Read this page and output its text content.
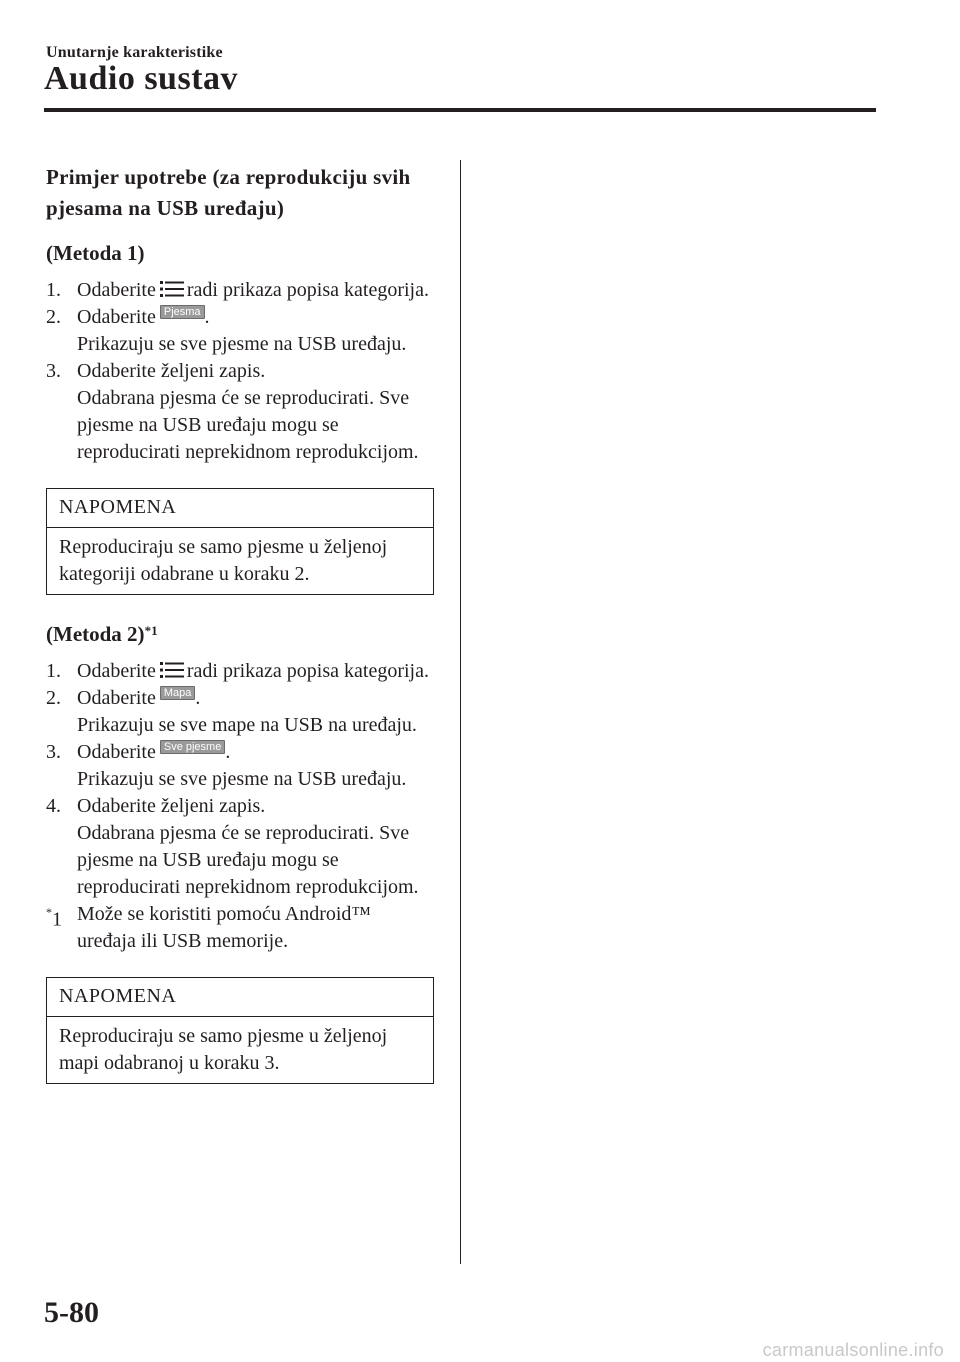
Unutarnje karakteristike
Audio sustav
Primjer upotrebe (za reprodukciju svih pjesama na USB uređaju)
(Metoda 1)
1. Odaberite radi prikaza popisa kategorija.
2. Odaberite Pjesma .
Prikazuju se sve pjesme na USB uređaju.
3. Odaberite željeni zapis.
Odabrana pjesma će se reproducirati. Sve pjesme na USB uređaju mogu se reproducirati neprekidnom reprodukcijom.
NAPOMENA
Reproduciraju se samo pjesme u željenoj kategoriji odabrane u koraku 2.
(Metoda 2)$^{*1}$
1. Odaberite radi prikaza popisa kategorija.
2. Odaberite Mapa .
Prikazuju se sve mape na USB na uređaju.
3. Odaberite Sve pjesme .
Prikazuju se sve pjesme na USB uređaju.
4. Odaberite željeni zapis.
Odabrana pjesma će se reproducirati. Sve pjesme na USB uređaju mogu se reproducirati neprekidnom reprodukcijom.
*1 Može se koristiti pomoću Android™ uređaja ili USB memorije.
NAPOMENA
Reproduciraju se samo pjesme u željenoj mapi odabranoj u koraku 3.
5-80
carmanualsonline.info
